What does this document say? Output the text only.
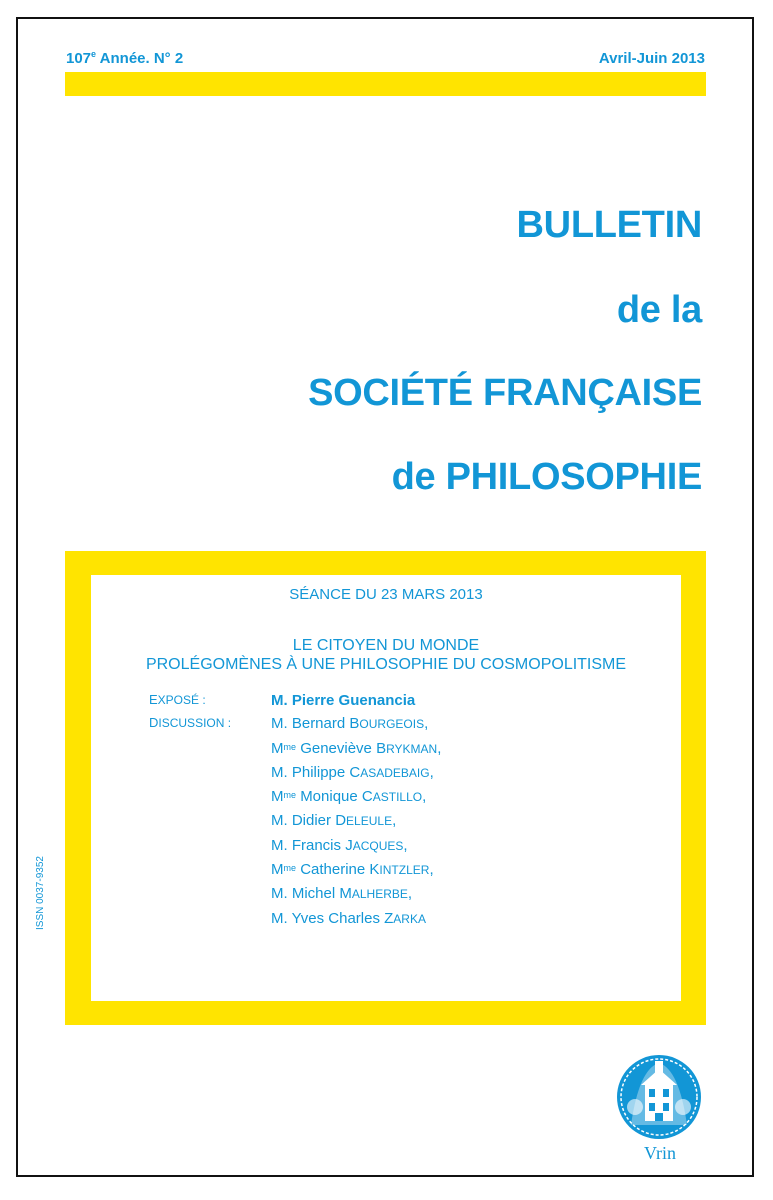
107e Année. N° 2	Avril-Juin 2013
BULLETIN
de la
SOCIÉTÉ FRANÇAISE
de PHILOSOPHIE
SÉANCE DU 23 MARS 2013
LE CITOYEN DU MONDE
PROLÉGOMÈNES À UNE PHILOSOPHIE DU COSMOPOLITISME
EXPOSÉ :
DISCUSSION :
M. Pierre Guenancia
M. Bernard BOURGEOIS,
$M^{me}$ Geneviève BRYKMAN,
M. Philippe CASADEBAIG,
$M^{me}$ Monique CASTILLO,
M. Didier DELEULE,
M. Francis JACQUES,
$M^{me}$ Catherine KINTZLER,
M. Michel MALHERBE,
M. Yves Charles ZARKA
ISSN 0037-9352
Vrin
